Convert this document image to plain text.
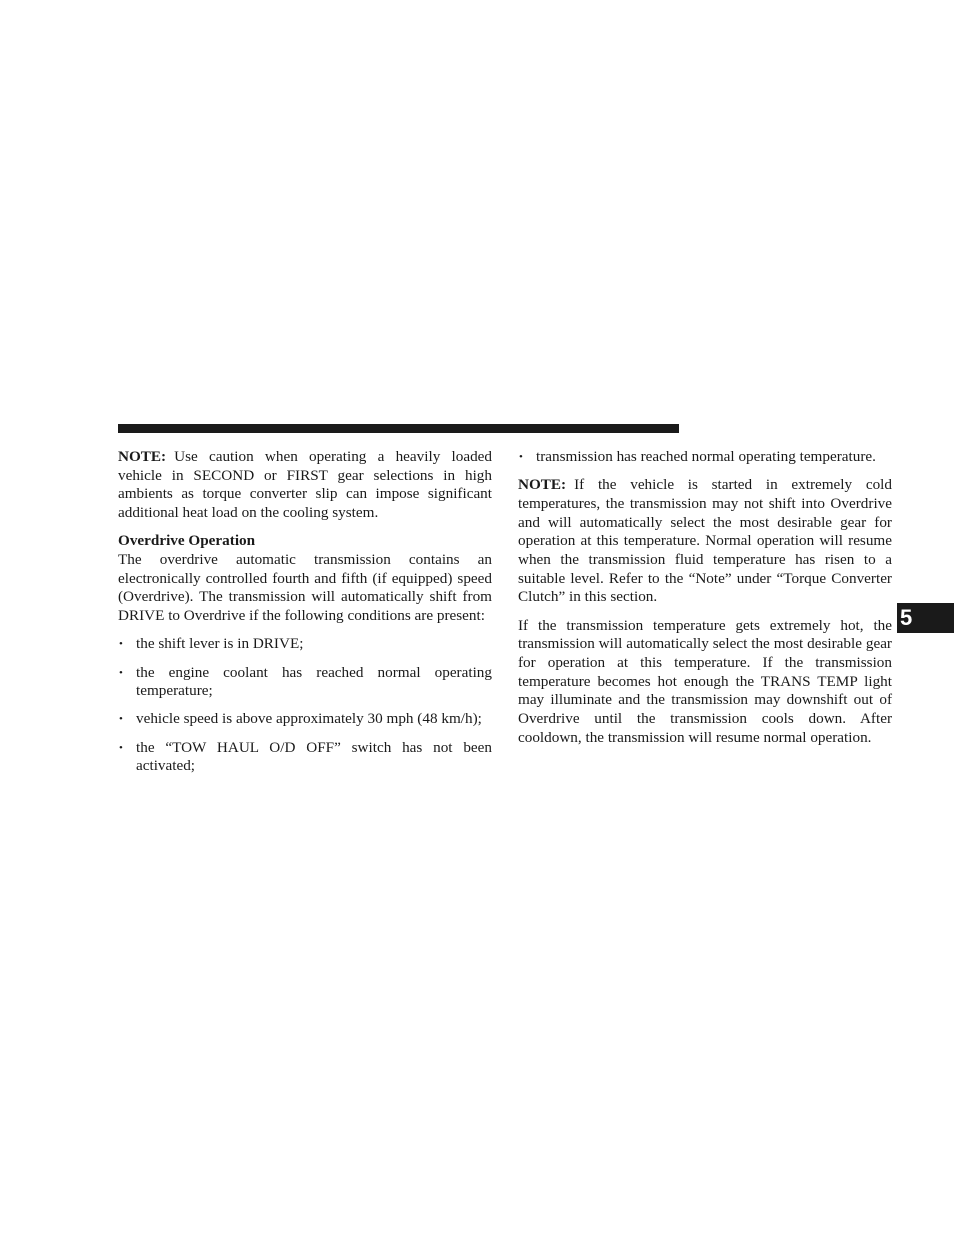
NOTE: Use caution when operating a heavily loaded vehicle in SECOND or FIRST gear selections in high ambients as torque converter slip can impose significant additional heat load on the cooling system.

Overdrive Operation

The overdrive automatic transmission contains an electronically controlled fourth and fifth (if equipped) speed (Overdrive). The transmission will automatically shift from DRIVE to Overdrive if the following conditions are present:

• the shift lever is in DRIVE;
• the engine coolant has reached normal operating temperature;
• vehicle speed is above approximately 30 mph (48 km/h);
• the “TOW HAUL O/D OFF” switch has not been activated;
• transmission has reached normal operating temperature.

NOTE: If the vehicle is started in extremely cold temperatures, the transmission may not shift into Overdrive and will automatically select the most desirable gear for operation at this temperature. Normal operation will resume when the transmission fluid temperature has risen to a suitable level. Refer to the “Note” under “Torque Converter Clutch” in this section.

If the transmission temperature gets extremely hot, the transmission will automatically select the most desirable gear for operation at this temperature. If the transmission temperature becomes hot enough the TRANS TEMP light may illuminate and the transmission may downshift out of Overdrive until the transmission cools down. After cooldown, the transmission will resume normal operation.

5
